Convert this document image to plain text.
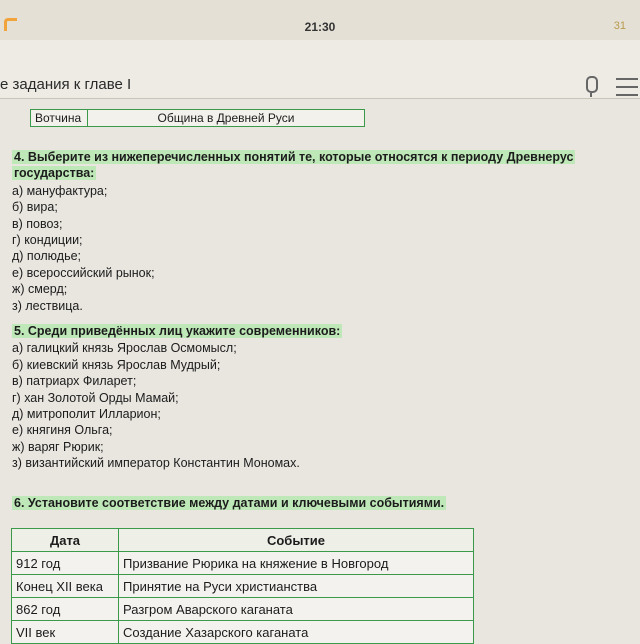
21:30	31
е задания к главе I
Вотчина	Община в Древней Руси
4. Выберите из нижеперечисленных понятий те, которые относятся к периоду Древнерус
государства:
а) мануфактура;
б) вира;
в) повоз;
г) кондиции;
д) полюдье;
е) всероссийский рынок;
ж) смерд;
з) лествица.
5. Среди приведённых лиц укажите современников:
а) галицкий князь Ярослав Осмомысл;
б) киевский князь Ярослав Мудрый;
в) патриарх Филарет;
г) хан Золотой Орды Мамай;
д) митрополит Илларион;
е) княгиня Ольга;
ж) варяг Рюрик;
з) византийский император Константин Мономах.
6. Установите соответствие между датами и ключевыми событиями.
Дата	Событие
912 год	Призвание Рюрика на княжение в Новгород
Конец XII века	Принятие на Руси христианства
862 год	Разгром Аварского каганата
VII век	Создание Хазарского каганата
